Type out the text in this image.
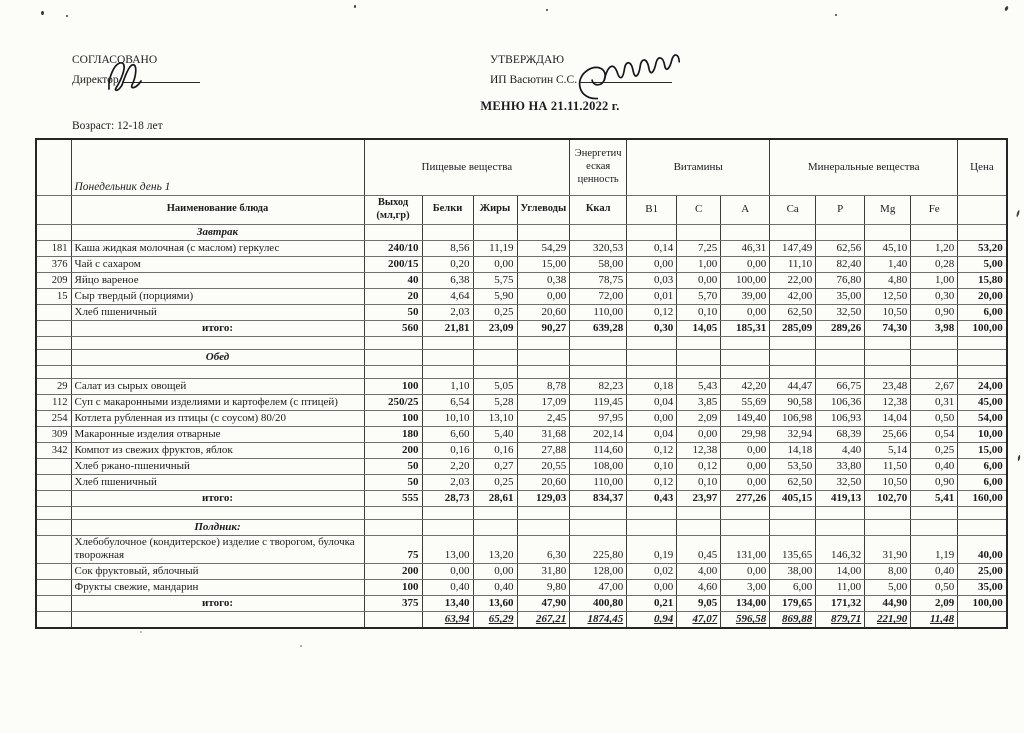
СОГЛАСОВАНО
Директор
УТВЕРЖДАЮ
ИП Васютин С.С.
МЕНЮ НА 21.11.2022 г.
Возраст: 12-18 лет
	Понедельник день 1	Пищевые вещества				Энергетическая ценность	Витамины			Минеральные вещества				Цена
	Наименование блюда	Выход (мл,гр)	Белки	Жиры	Углеводы	Ккал	B1	C	A	Ca	P	Mg	Fe	
	Завтрак													
181	Каша жидкая молочная (с маслом) геркулес	240/10	8,56	11,19	54,29	320,53	0,14	7,25	46,31	147,49	62,56	45,10	1,20	53,20
376	Чай с сахаром	200/15	0,20	0,00	15,00	58,00	0,00	1,00	0,00	11,10	82,40	1,40	0,28	5,00
209	Яйцо вареное	40	6,38	5,75	0,38	78,75	0,03	0,00	100,00	22,00	76,80	4,80	1,00	15,80
15	Сыр твердый (порциями)	20	4,64	5,90	0,00	72,00	0,01	5,70	39,00	42,00	35,00	12,50	0,30	20,00
	Хлеб пшеничный	50	2,03	0,25	20,60	110,00	0,12	0,10	0,00	62,50	32,50	10,50	0,90	6,00
	итого:	560	21,81	23,09	90,27	639,28	0,30	14,05	185,31	285,09	289,26	74,30	3,98	100,00

	Обед													

29	Салат из сырых овощей	100	1,10	5,05	8,78	82,23	0,18	5,43	42,20	44,47	66,75	23,48	2,67	24,00
112	Суп с макаронными изделиями и картофелем (с птицей)	250/25	6,54	5,28	17,09	119,45	0,04	3,85	55,69	90,58	106,36	12,38	0,31	45,00
254	Котлета рубленная из птицы (с соусом) 80/20	100	10,10	13,10	2,45	97,95	0,00	2,09	149,40	106,98	106,93	14,04	0,50	54,00
309	Макаронные изделия отварные	180	6,60	5,40	31,68	202,14	0,04	0,00	29,98	32,94	68,39	25,66	0,54	10,00
342	Компот из свежих фруктов, яблок	200	0,16	0,16	27,88	114,60	0,12	12,38	0,00	14,18	4,40	5,14	0,25	15,00
	Хлеб ржано-пшеничный	50	2,20	0,27	20,55	108,00	0,10	0,12	0,00	53,50	33,80	11,50	0,40	6,00
	Хлеб пшеничный	50	2,03	0,25	20,60	110,00	0,12	0,10	0,00	62,50	32,50	10,50	0,90	6,00
	итого:	555	28,73	28,61	129,03	834,37	0,43	23,97	277,26	405,15	419,13	102,70	5,41	160,00

	Полдник:													
	Хлебобулочное (кондитерское) изделие с творогом, булочка творожная	75	13,00	13,20	6,30	225,80	0,19	0,45	131,00	135,65	146,32	31,90	1,19	40,00
	Сок фруктовый, яблочный	200	0,00	0,00	31,80	128,00	0,02	4,00	0,00	38,00	14,00	8,00	0,40	25,00
	Фрукты свежие, мандарин	100	0,40	0,40	9,80	47,00	0,00	4,60	3,00	6,00	11,00	5,00	0,50	35,00
	итого:	375	13,40	13,60	47,90	400,80	0,21	9,05	134,00	179,65	171,32	44,90	2,09	100,00
			63,94	65,29	267,21	1874,45	0,94	47,07	596,58	869,88	879,71	221,90	11,48	
